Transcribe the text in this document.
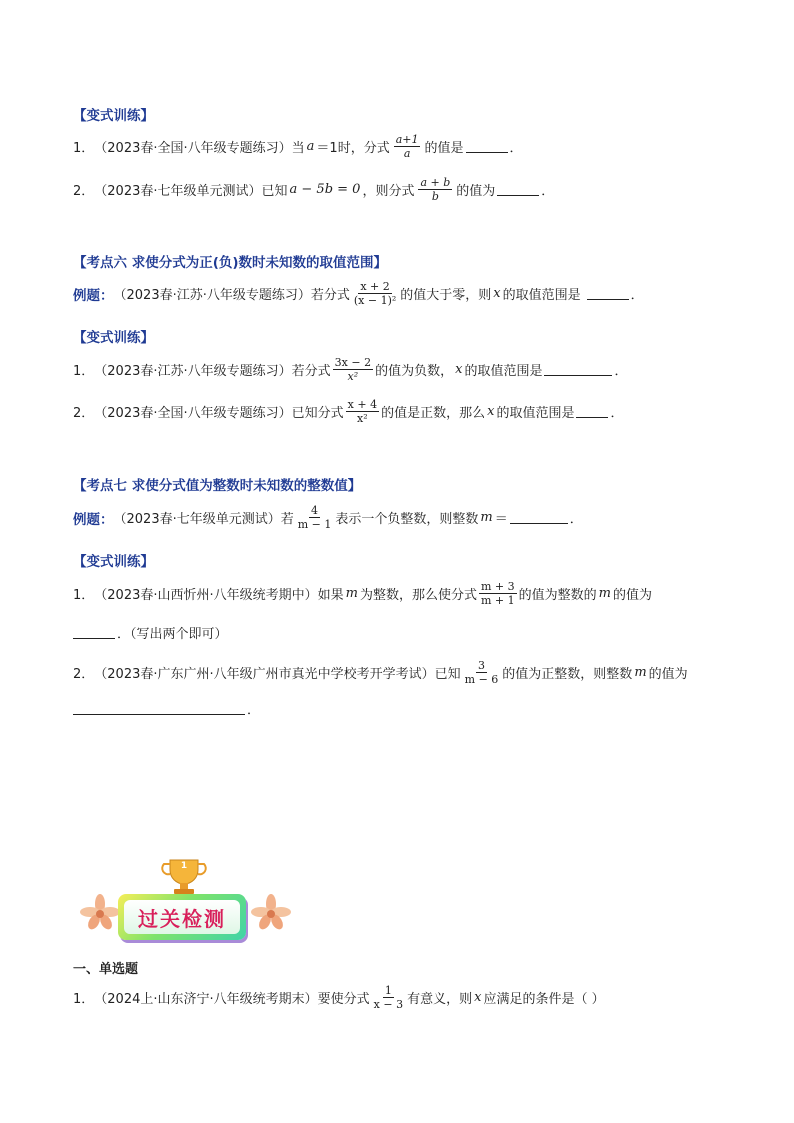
【变式训练】
1． （2023春·全国·八年级专题练习） 当 a ＝1时，分式 $\frac{a+1}{a}$ 的值是	．
2． （2023春·七年级单元测试） 已知 a − 5b = 0 ，则分式 $\frac{a + b}{b}$ 的值为	．
【考点六 求使分式为正(负)数时未知数的取值范围】
例题： （2023春·江苏·八年级专题练习） 若分式 $\frac{x + 2}{\text{(x − 1)²}}$ 的值大于零，则 x 的取值范围是	．
【变式训练】
1． （2023春·江苏·八年级专题练习） 若分式 $\frac{3x - 2}{\text{x²}}$ 的值为负数， x 的取值范围是	．
2． （2023春·全国·八年级专题练习） 已知分式 $\frac{x + 4}{\text{x²}}$ 的值是正数，那么 x 的取值范围是	．
【考点七 求使分式值为整数时未知数的整数值】
例题： （2023春·七年级单元测试） 若 $\frac{4}{m - 1}$ 表示一个负整数，则整数 m ＝	．
【变式训练】
1． （2023春·山西忻州·八年级统考期中） 如果 m 为整数，那么使分式 $\frac{m + 3}{m + 1}$ 的值为整数的 m 的值为
．（写出两个即可）
2． （2023春·广东广州·八年级广州市真光中学校考开学考试） 已知 $\frac{3}{m - 6}$ 的值为正整数，则整数 m 的值为
．
1
过关检测
一、单选题
1． （2024上·山东济宁·八年级统考期末） 要使分式 $\frac{1}{x - 3}$ 有意义，则 x 应满足的条件是（ ）
